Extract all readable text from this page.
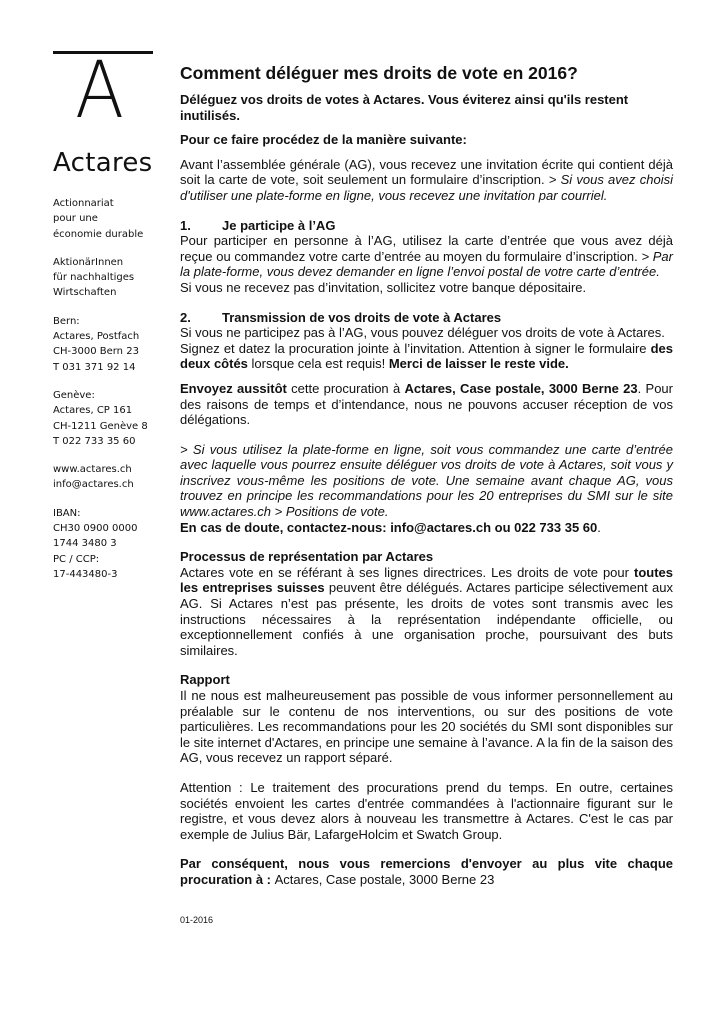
A
Actares
Actionnariat
pour une
économie durable
AktionärInnen
für nachhaltiges
Wirtschaften
Bern:
Actares, Postfach
CH-3000 Bern 23
T 031 371 92 14
Genève:
Actares, CP 161
CH-1211 Genève 8
T 022 733 35 60
www.actares.ch
info@actares.ch
IBAN:
CH30 0900 0000
1744 3480 3
PC / CCP:
17-443480-3
Comment déléguer mes droits de vote en 2016?
Déléguez vos droits de votes à Actares. Vous éviterez ainsi qu'ils restent inutilisés.
Pour ce faire procédez de la manière suivante:
Avant l’assemblée générale (AG), vous recevez une invitation écrite qui contient déjà soit la carte de vote, soit seulement un formulaire d’inscription. > Si vous avez choisi d'utiliser une plate-forme en ligne, vous recevez une invitation par courriel.
1. Je participe à l’AG
Pour participer en personne à l’AG, utilisez la carte d’entrée que vous avez déjà reçue ou commandez votre carte d’entrée au moyen du formulaire d’inscription. > Par la plate-forme, vous devez demander en ligne l’envoi postal de votre carte d’entrée.
Si vous ne recevez pas d’invitation, sollicitez votre banque dépositaire.
2. Transmission de vos droits de vote à Actares
Si vous ne participez pas à l’AG, vous pouvez déléguer vos droits de vote à Actares.
Signez et datez la procuration jointe à l’invitation. Attention à signer le formulaire des deux côtés lorsque cela est requis! Merci de laisser le reste vide.
Envoyez aussitôt cette procuration à Actares, Case postale, 3000 Berne 23. Pour des raisons de temps et d’intendance, nous ne pouvons accuser réception de vos délégations.
> Si vous utilisez la plate-forme en ligne, soit vous commandez une carte d’entrée avec laquelle vous pourrez ensuite déléguer vos droits de vote à Actares, soit vous y inscrivez vous-même les positions de vote. Une semaine avant chaque AG, vous trouvez en principe les recommandations pour les 20 entreprises du SMI sur le site www.actares.ch > Positions de vote.
En cas de doute, contactez-nous: info@actares.ch ou 022 733 35 60.
Processus de représentation par Actares
Actares vote en se référant à ses lignes directrices. Les droits de vote pour toutes les entreprises suisses peuvent être délégués. Actares participe sélectivement aux AG. Si Actares n’est pas présente, les droits de votes sont transmis avec les instructions nécessaires à la représentation indépendante officielle, ou exceptionnellement confiés à une organisation proche, poursuivant des buts similaires.
Rapport
Il ne nous est malheureusement pas possible de vous informer personnellement au préalable sur le contenu de nos interventions, ou sur des positions de vote particulières. Les recommandations pour les 20 sociétés du SMI sont disponibles sur le site internet d'Actares, en principe une semaine à l’avance. A la fin de la saison des AG, vous recevez un rapport séparé.
Attention : Le traitement des procurations prend du temps. En outre, certaines sociétés envoient les cartes d'entrée commandées à l'actionnaire figurant sur le registre, et vous devez alors à nouveau les transmettre à Actares. C'est le cas par exemple de Julius Bär, LafargeHolcim et Swatch Group.
Par conséquent, nous vous remercions d'envoyer au plus vite chaque procuration à : Actares, Case postale, 3000 Berne 23
01-2016
